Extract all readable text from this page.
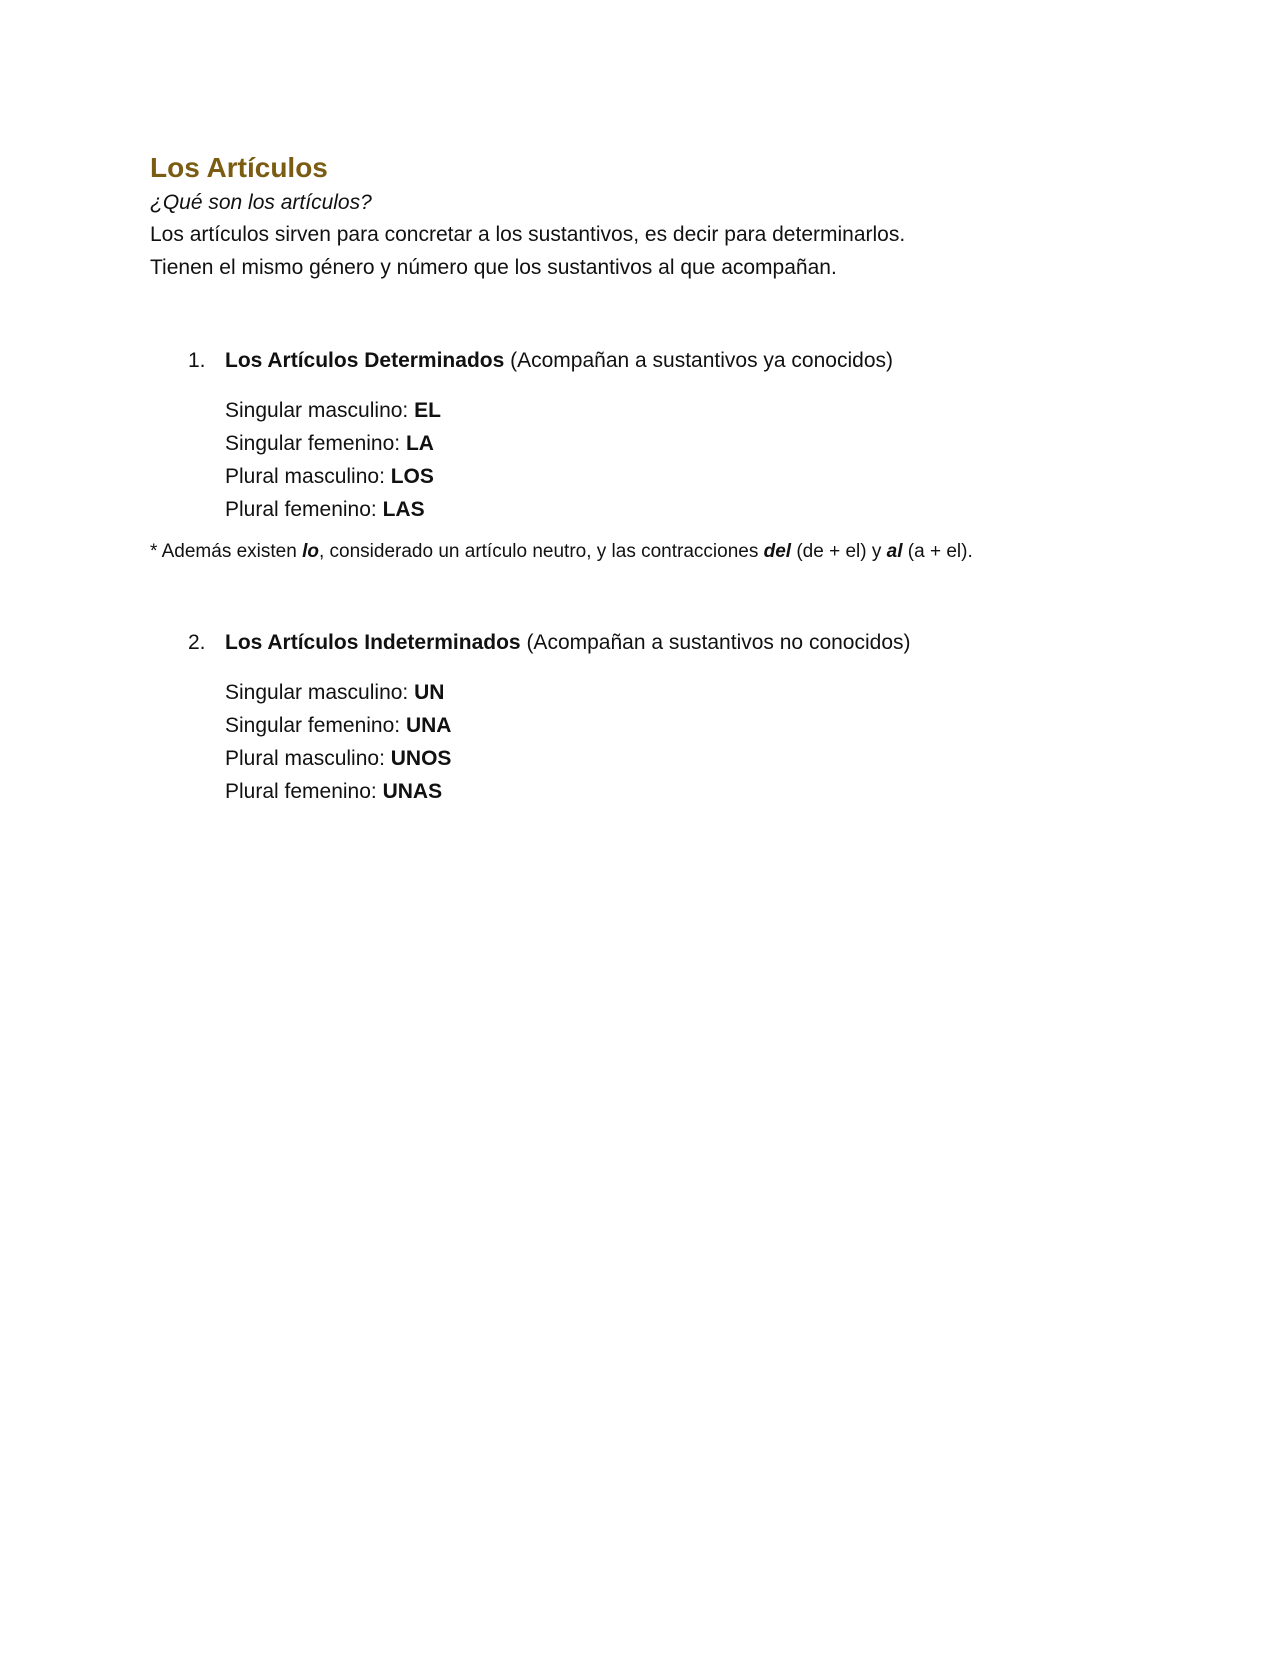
Los Artículos

¿Qué son los artículos?

Los artículos sirven para concretar a los sustantivos, es decir para determinarlos.

Tienen el mismo género y número que los sustantivos al que acompañan.

1. Los Artículos Determinados (Acompañan a sustantivos ya conocidos)
Singular masculino: EL
Singular femenino: LA
Plural masculino: LOS
Plural femenino: LAS
* Además existen lo, considerado un artículo neutro, y las contracciones del (de + el) y al (a + el).
2. Los Artículos Indeterminados (Acompañan a sustantivos no conocidos)
Singular masculino: UN
Singular femenino: UNA
Plural masculino: UNOS
Plural femenino: UNAS
